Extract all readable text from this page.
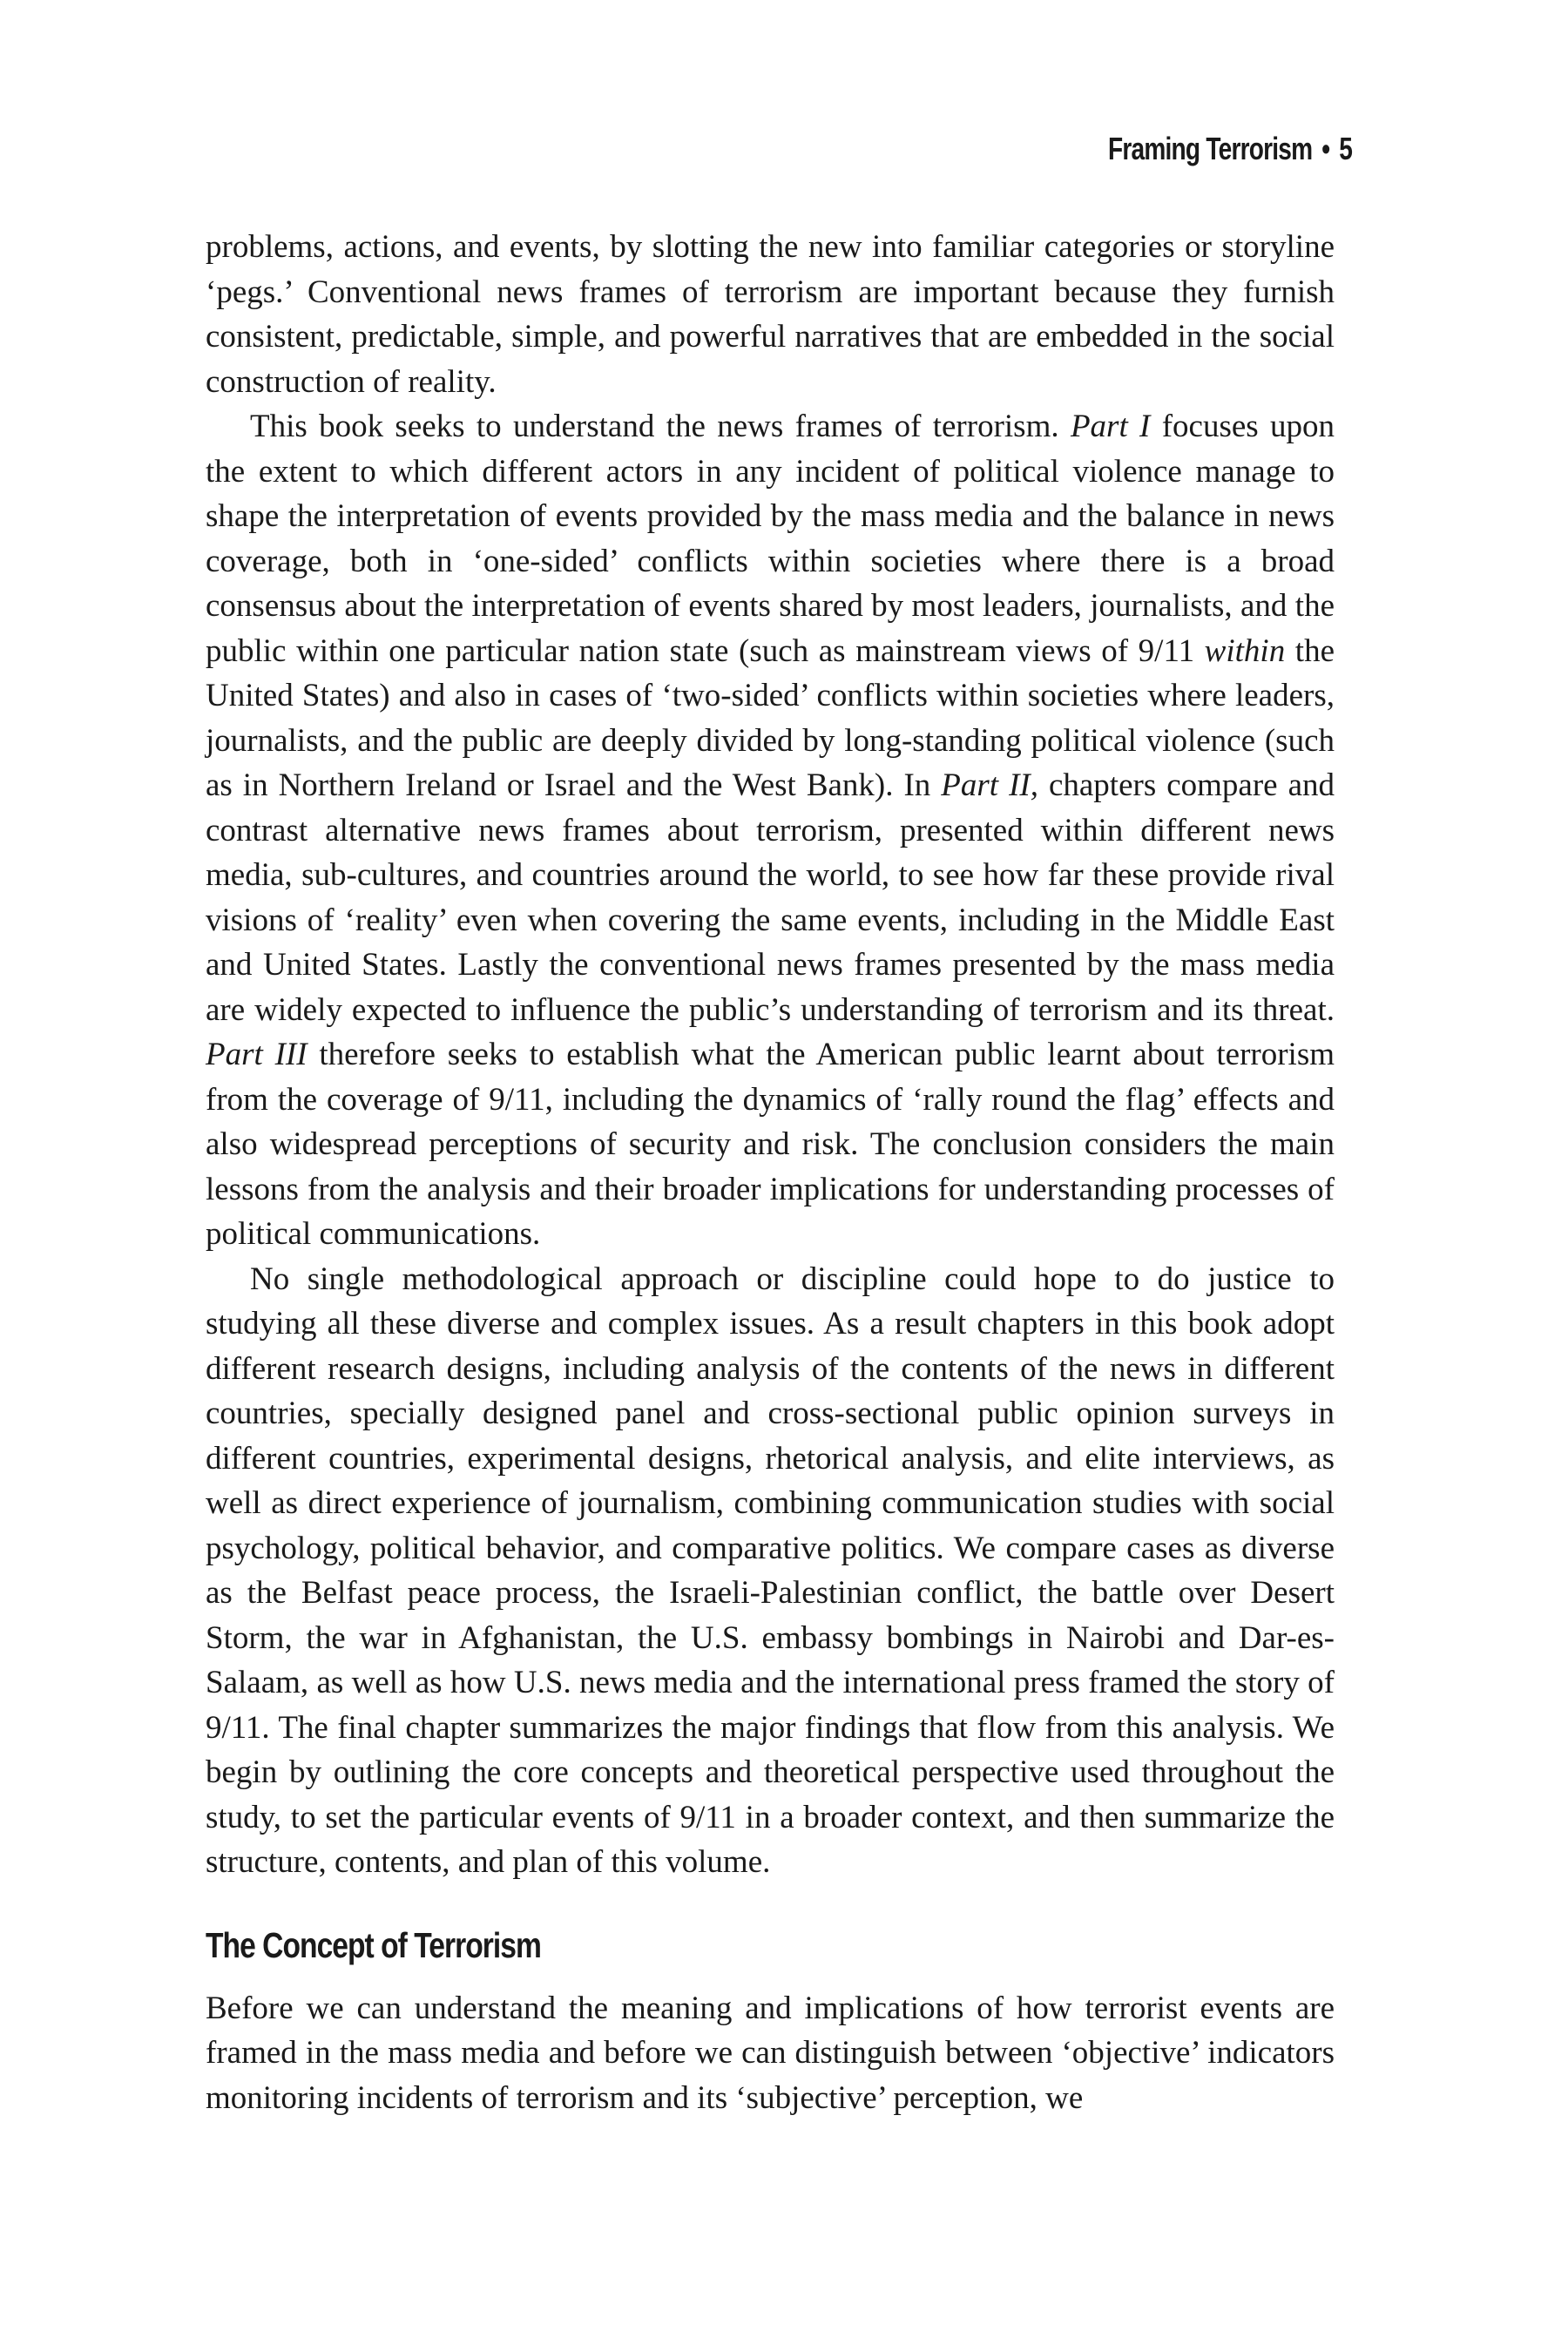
Framing Terrorism • 5

problems, actions, and events, by slotting the new into familiar categories or storyline ‘pegs.’ Conventional news frames of terrorism are important because they furnish consistent, predictable, simple, and powerful narratives that are embedded in the social construction of reality.

This book seeks to understand the news frames of terrorism. Part I focuses upon the extent to which different actors in any incident of political violence manage to shape the interpretation of events provided by the mass media and the balance in news coverage, both in ‘one-sided’ conflicts within societies where there is a broad consensus about the interpretation of events shared by most leaders, journalists, and the public within one particular nation state (such as mainstream views of 9/11 within the United States) and also in cases of ‘two-sided’ conflicts within societies where leaders, journalists, and the public are deeply divided by long-standing political violence (such as in Northern Ireland or Israel and the West Bank). In Part II, chapters compare and contrast alternative news frames about terrorism, presented within different news media, sub-cultures, and countries around the world, to see how far these provide rival visions of ‘reality’ even when covering the same events, including in the Middle East and United States. Lastly the conventional news frames presented by the mass media are widely expected to influence the public’s understanding of terrorism and its threat. Part III therefore seeks to establish what the American public learnt about terrorism from the coverage of 9/11, including the dynamics of ‘rally round the flag’ effects and also widespread perceptions of security and risk. The conclusion considers the main lessons from the analysis and their broader implications for understanding processes of political communications.

No single methodological approach or discipline could hope to do justice to studying all these diverse and complex issues. As a result chapters in this book adopt different research designs, including analysis of the contents of the news in different countries, specially designed panel and cross-sectional public opinion surveys in different countries, experimental designs, rhetorical analysis, and elite interviews, as well as direct experience of journalism, combining communication studies with social psychology, political behavior, and comparative politics. We compare cases as diverse as the Belfast peace process, the Israeli-Palestinian conflict, the battle over Desert Storm, the war in Afghanistan, the U.S. embassy bombings in Nairobi and Dar-es-Salaam, as well as how U.S. news media and the international press framed the story of 9/11. The final chapter summarizes the major findings that flow from this analysis. We begin by outlining the core concepts and theoretical perspective used throughout the study, to set the particular events of 9/11 in a broader context, and then summarize the structure, contents, and plan of this volume.

The Concept of Terrorism

Before we can understand the meaning and implications of how terrorist events are framed in the mass media and before we can distinguish between ‘objective’ indicators monitoring incidents of terrorism and its ‘subjective’ perception, we
